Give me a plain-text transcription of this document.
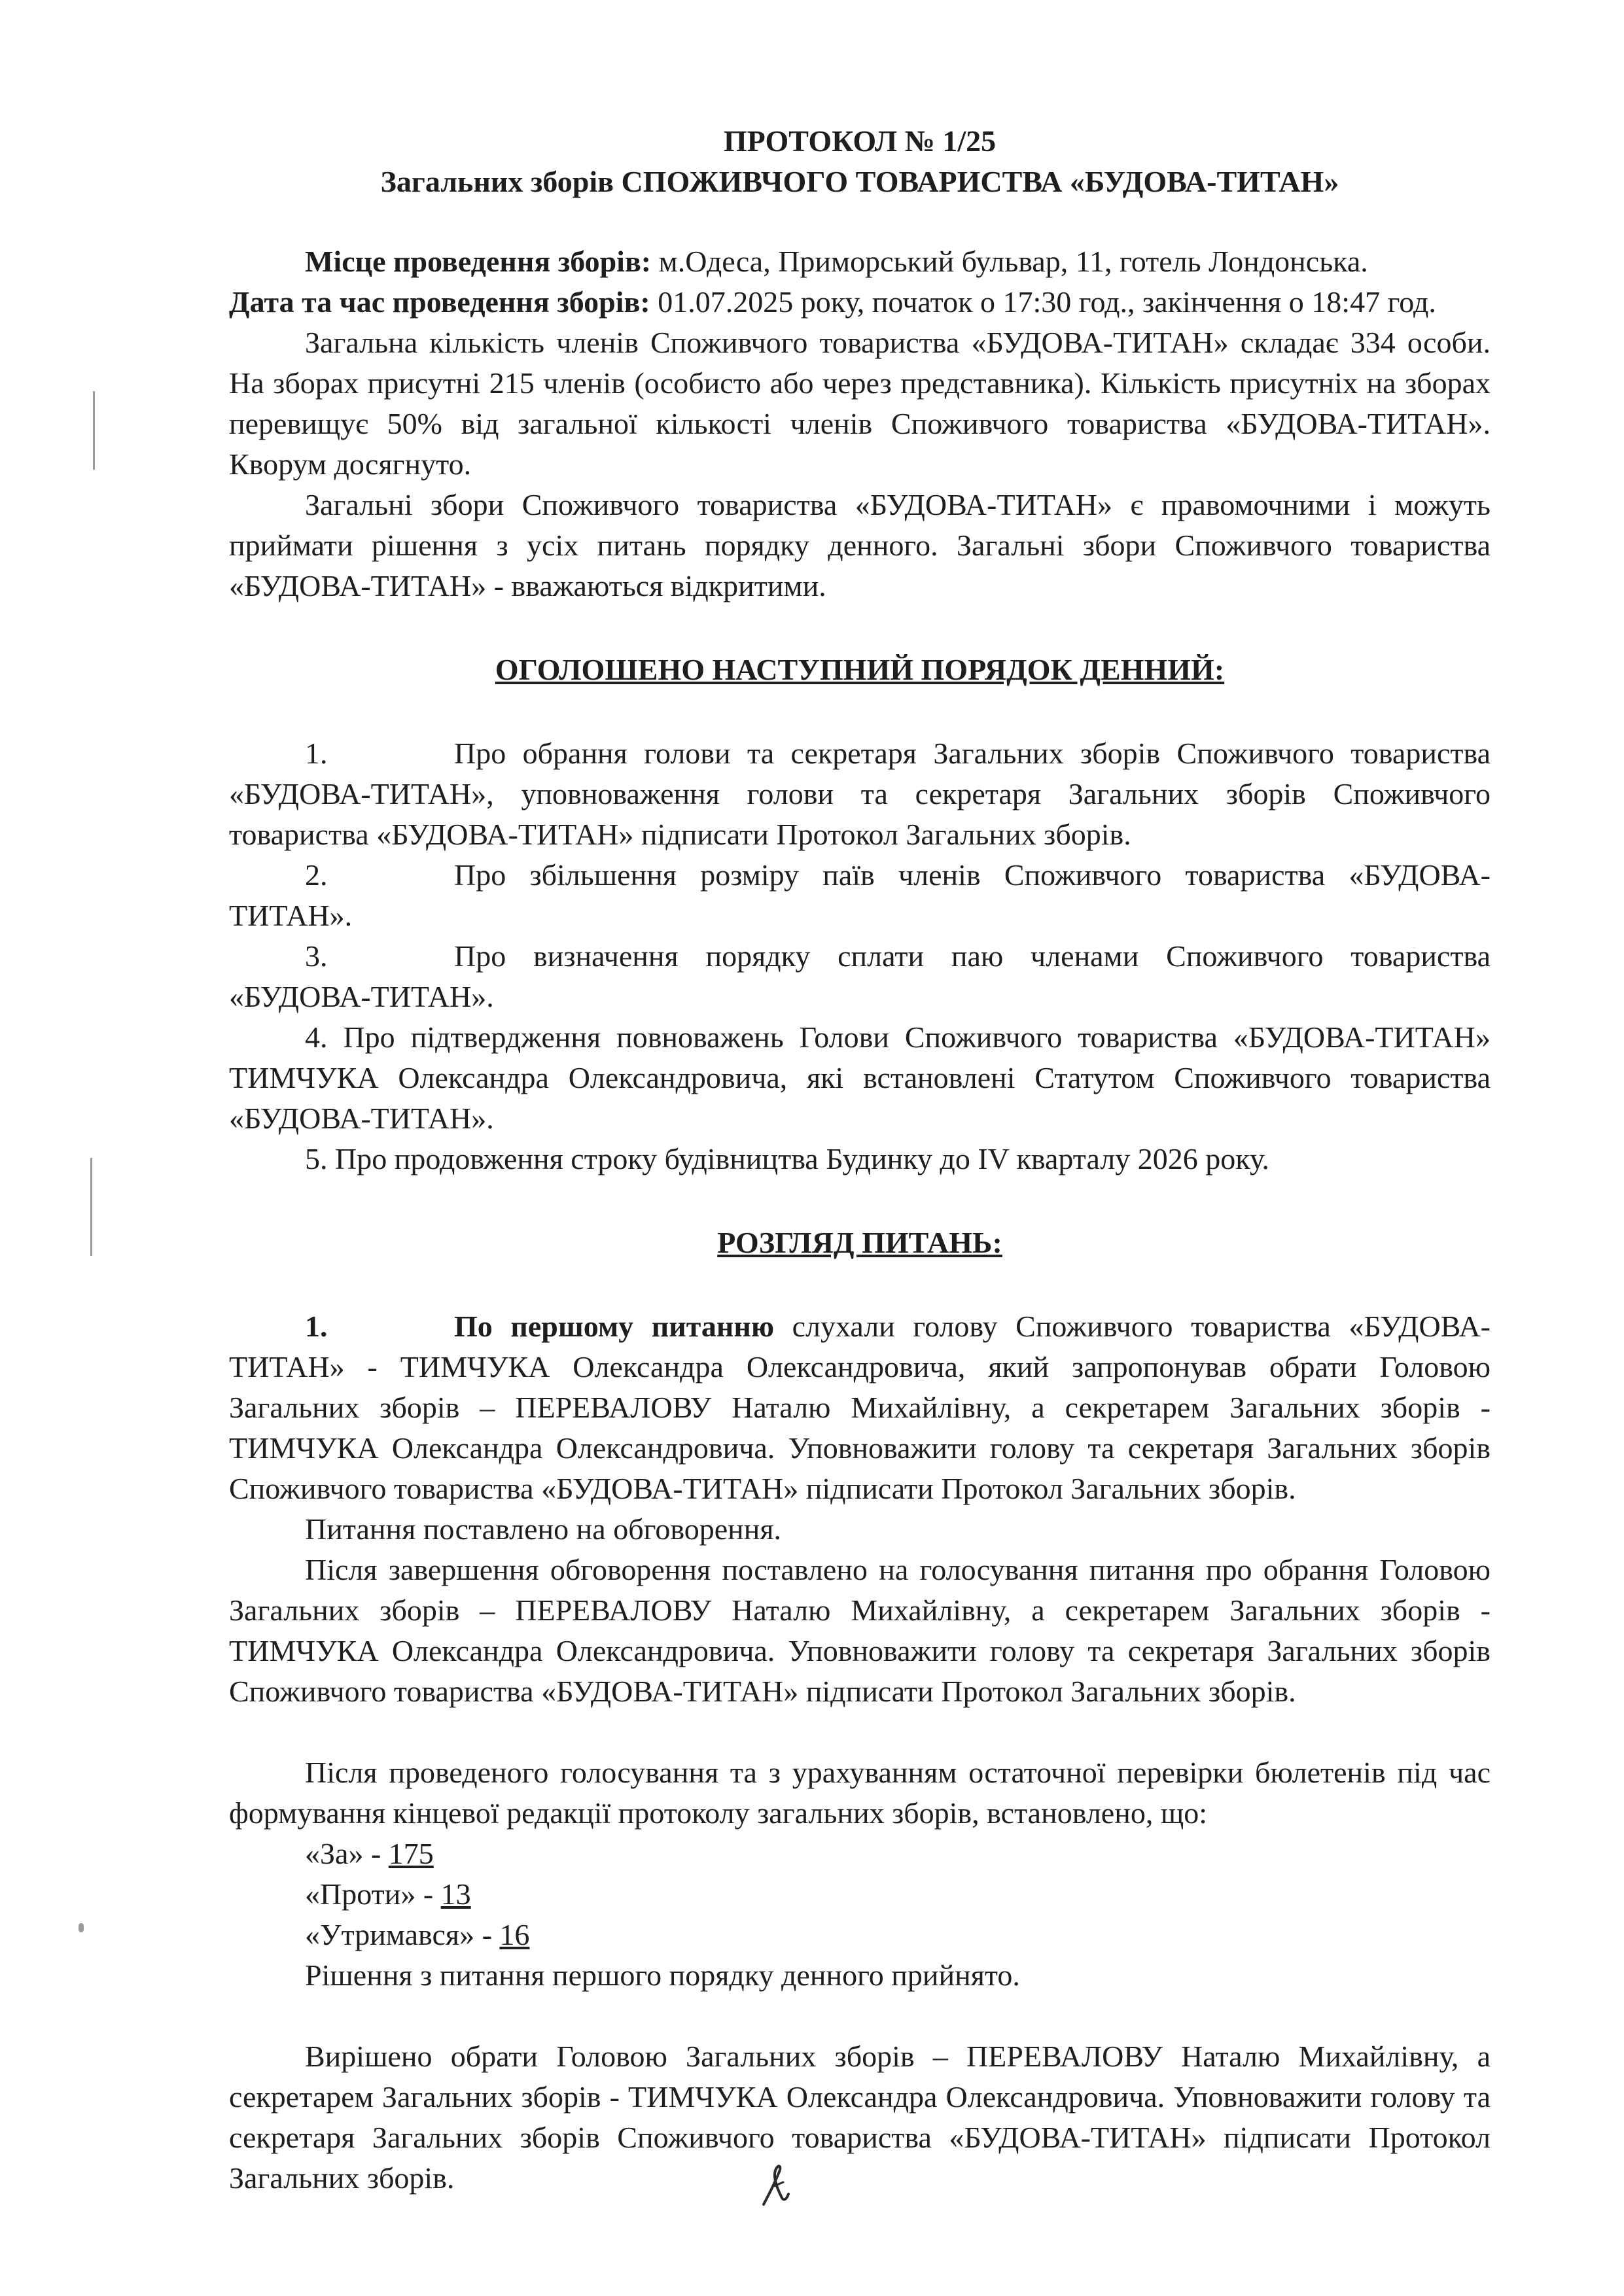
ПРОТОКОЛ № 1/25

Загальних зборів СПОЖИВЧОГО ТОВАРИСТВА «БУДОВА-ТИТАН»

Місце проведення зборів: м.Одеса, Приморський бульвар, 11, готель Лондонська.

Дата та час проведення зборів: 01.07.2025 року, початок о 17:30 год., закінчення о 18:47 год.

Загальна кількість членів Споживчого товариства «БУДОВА-ТИТАН» складає 334 особи. На зборах присутні 215 членів (особисто або через представника). Кількість присутніх на зборах перевищує 50% від загальної кількості членів Споживчого товариства «БУДОВА-ТИТАН». Кворум досягнуто.

Загальні збори Споживчого товариства «БУДОВА-ТИТАН» є правомочними і можуть приймати рішення з усіх питань порядку денного. Загальні збори Споживчого товариства «БУДОВА-ТИТАН» - вважаються відкритими.

ОГОЛОШЕНО НАСТУПНИЙ ПОРЯДОК ДЕННИЙ:

1.	Про обрання голови та секретаря Загальних зборів Споживчого товариства «БУДОВА-ТИТАН», уповноваження голови та секретаря Загальних зборів Споживчого товариства «БУДОВА-ТИТАН» підписати Протокол Загальних зборів.

2.	Про збільшення розміру паїв членів Споживчого товариства «БУДОВА-ТИТАН».

3.	Про визначення порядку сплати паю членами Споживчого товариства «БУДОВА-ТИТАН».

4. Про підтвердження повноважень Голови Споживчого товариства «БУДОВА-ТИТАН» ТИМЧУКА Олександра Олександровича, які встановлені Статутом Споживчого товариства «БУДОВА-ТИТАН».

5. Про продовження строку будівництва Будинку до IV кварталу 2026 року.

РОЗГЛЯД ПИТАНЬ:

1.	По першому питанню слухали голову Споживчого товариства «БУДОВА-ТИТАН» - ТИМЧУКА Олександра Олександровича, який запропонував обрати Головою Загальних зборів – ПЕРЕВАЛОВУ Наталю Михайлівну, а секретарем Загальних зборів - ТИМЧУКА Олександра Олександровича. Уповноважити голову та секретаря Загальних зборів Споживчого товариства «БУДОВА-ТИТАН» підписати Протокол Загальних зборів.

Питання поставлено на обговорення.

Після завершення обговорення поставлено на голосування питання про обрання Головою Загальних зборів – ПЕРЕВАЛОВУ Наталю Михайлівну, а секретарем Загальних зборів - ТИМЧУКА Олександра Олександровича. Уповноважити голову та секретаря Загальних зборів Споживчого товариства «БУДОВА-ТИТАН» підписати Протокол Загальних зборів.

Після проведеного голосування та з урахуванням остаточної перевірки бюлетенів під час формування кінцевої редакції протоколу загальних зборів, встановлено, що:

«За» - 175

«Проти» - 13

«Утримався» - 16

Рішення з питання першого порядку денного прийнято.

Вирішено обрати Головою Загальних зборів – ПЕРЕВАЛОВУ Наталю Михайлівну, а секретарем Загальних зборів - ТИМЧУКА Олександра Олександровича. Уповноважити голову та секретаря Загальних зборів Споживчого товариства «БУДОВА-ТИТАН» підписати Протокол Загальних зборів.
